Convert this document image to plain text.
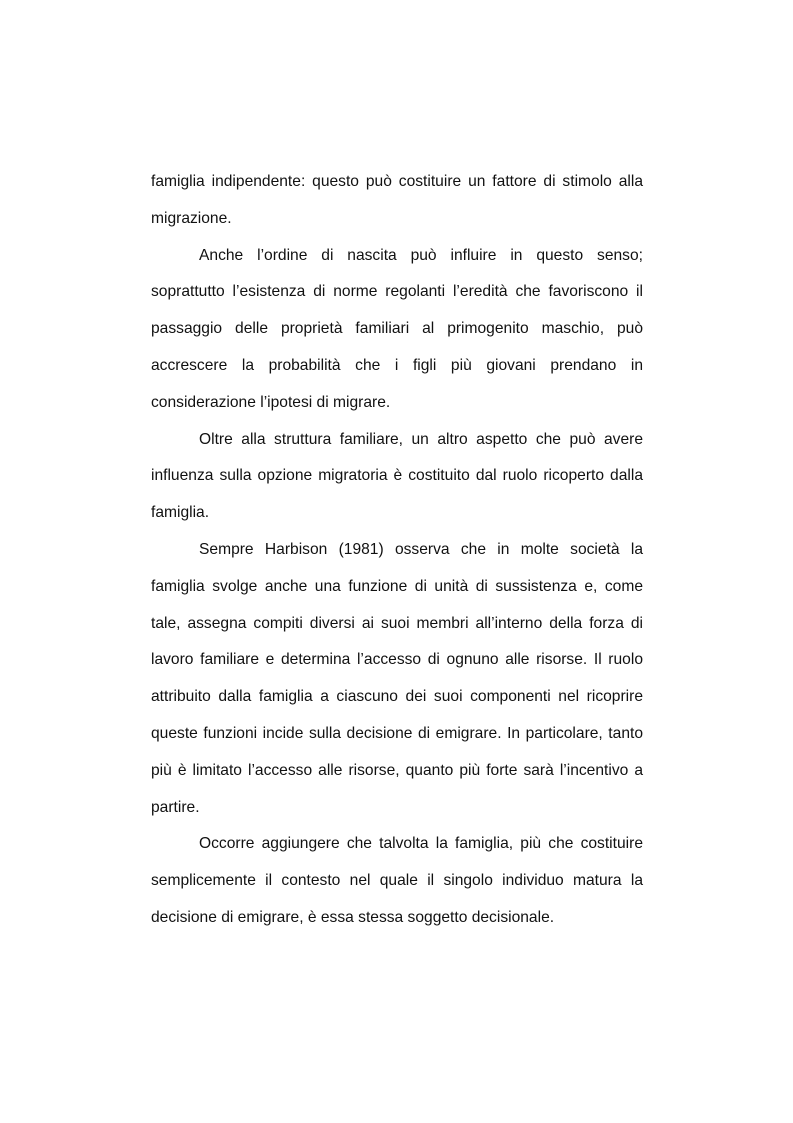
famiglia indipendente: questo può costituire un fattore di stimolo alla migrazione.

Anche l’ordine di nascita può influire in questo senso; soprattutto l’esistenza di norme regolanti l’eredità che favoriscono il passaggio delle proprietà familiari al primogenito maschio, può accrescere la probabilità che i figli più giovani prendano in considerazione l’ipotesi di migrare.

Oltre alla struttura familiare, un altro aspetto che può avere influenza sulla opzione migratoria è costituito dal ruolo ricoperto dalla famiglia.

Sempre Harbison (1981) osserva che in molte società la famiglia svolge anche una funzione di unità di sussistenza e, come tale, assegna compiti diversi ai suoi membri all’interno della forza di lavoro familiare e determina l’accesso di ognuno alle risorse. Il ruolo attribuito dalla famiglia a ciascuno dei suoi componenti nel ricoprire queste funzioni incide sulla decisione di emigrare. In particolare, tanto più è limitato l’accesso alle risorse, quanto più forte sarà l’incentivo a partire.

Occorre aggiungere che talvolta la famiglia, più che costituire semplicemente il contesto nel quale il singolo individuo matura la decisione di emigrare, è essa stessa soggetto decisionale.
